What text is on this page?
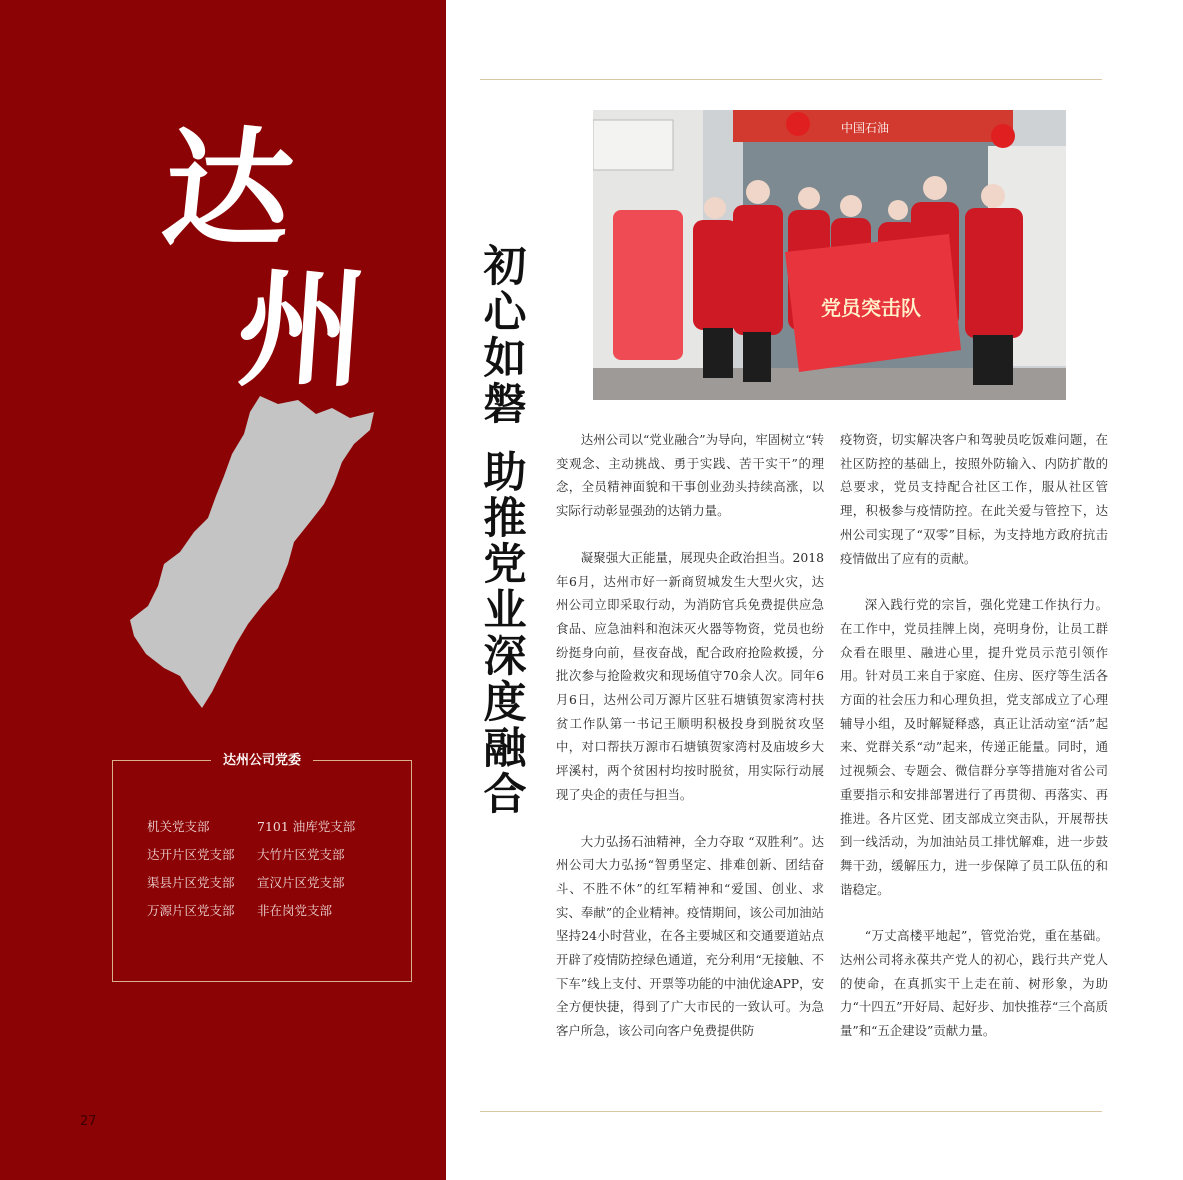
达
州
达州公司党委
机关党支部	7101 油库党支部
达开片区党支部	大竹片区党支部
渠县片区党支部	宣汉片区党支部
万源片区党支部	非在岗党支部
27
中国石油
党员突击队
初
心
如
磐
助
推
党
业
深
度
融
合

达州公司以“党业融合”为导向，牢固树立“转变观念、主动挑战、勇于实践、苦干实干”的理念，全员精神面貌和干事创业劲头持续高涨，以实际行动彰显强劲的达销力量。

凝聚强大正能量，展现央企政治担当。2018年6月，达州市好一新商贸城发生大型火灾，达州公司立即采取行动，为消防官兵免费提供应急食品、应急油料和泡沫灭火器等物资，党员也纷纷挺身向前，昼夜奋战，配合政府抢险救援，分批次参与抢险救灾和现场值守70余人次。同年6月6日，达州公司万源片区驻石塘镇贺家湾村扶贫工作队第一书记王顺明积极投身到脱贫攻坚中，对口帮扶万源市石塘镇贺家湾村及庙坡乡大坪溪村，两个贫困村均按时脱贫，用实际行动展现了央企的责任与担当。

大力弘扬石油精神，全力夺取 “双胜利”。达州公司大力弘扬“智勇坚定、排难创新、团结奋斗、不胜不休”的红军精神和“爱国、创业、求实、奉献”的企业精神。疫情期间，该公司加油站坚持24小时营业，在各主要城区和交通要道站点开辟了疫情防控绿色通道，充分利用“无接触、不下车”线上支付、开票等功能的中油优途APP，安全方便快捷，得到了广大市民的一致认可。为急客户所急，该公司向客户免费提供防

疫物资，切实解决客户和驾驶员吃饭难问题，在社区防控的基础上，按照外防输入、内防扩散的总要求，党员支持配合社区工作，服从社区管理，积极参与疫情防控。在此关爱与管控下，达州公司实现了“双零”目标，为支持地方政府抗击疫情做出了应有的贡献。

深入践行党的宗旨，强化党建工作执行力。在工作中，党员挂牌上岗，亮明身份，让员工群众看在眼里、融进心里，提升党员示范引领作用。针对员工来自于家庭、住房、医疗等生活各方面的社会压力和心理负担，党支部成立了心理辅导小组，及时解疑释惑，真正让活动室“活”起来、党群关系“动”起来，传递正能量。同时，通过视频会、专题会、微信群分享等措施对省公司重要指示和安排部署进行了再贯彻、再落实、再推进。各片区党、团支部成立突击队，开展帮扶到一线活动，为加油站员工排忧解难，进一步鼓舞干劲，缓解压力，进一步保障了员工队伍的和谐稳定。

“万丈高楼平地起”，管党治党，重在基础。达州公司将永葆共产党人的初心，践行共产党人的使命，在真抓实干上走在前、树形象，为助力“十四五”开好局、起好步、加快推荐“三个高质量”和“五企建设”贡献力量。
